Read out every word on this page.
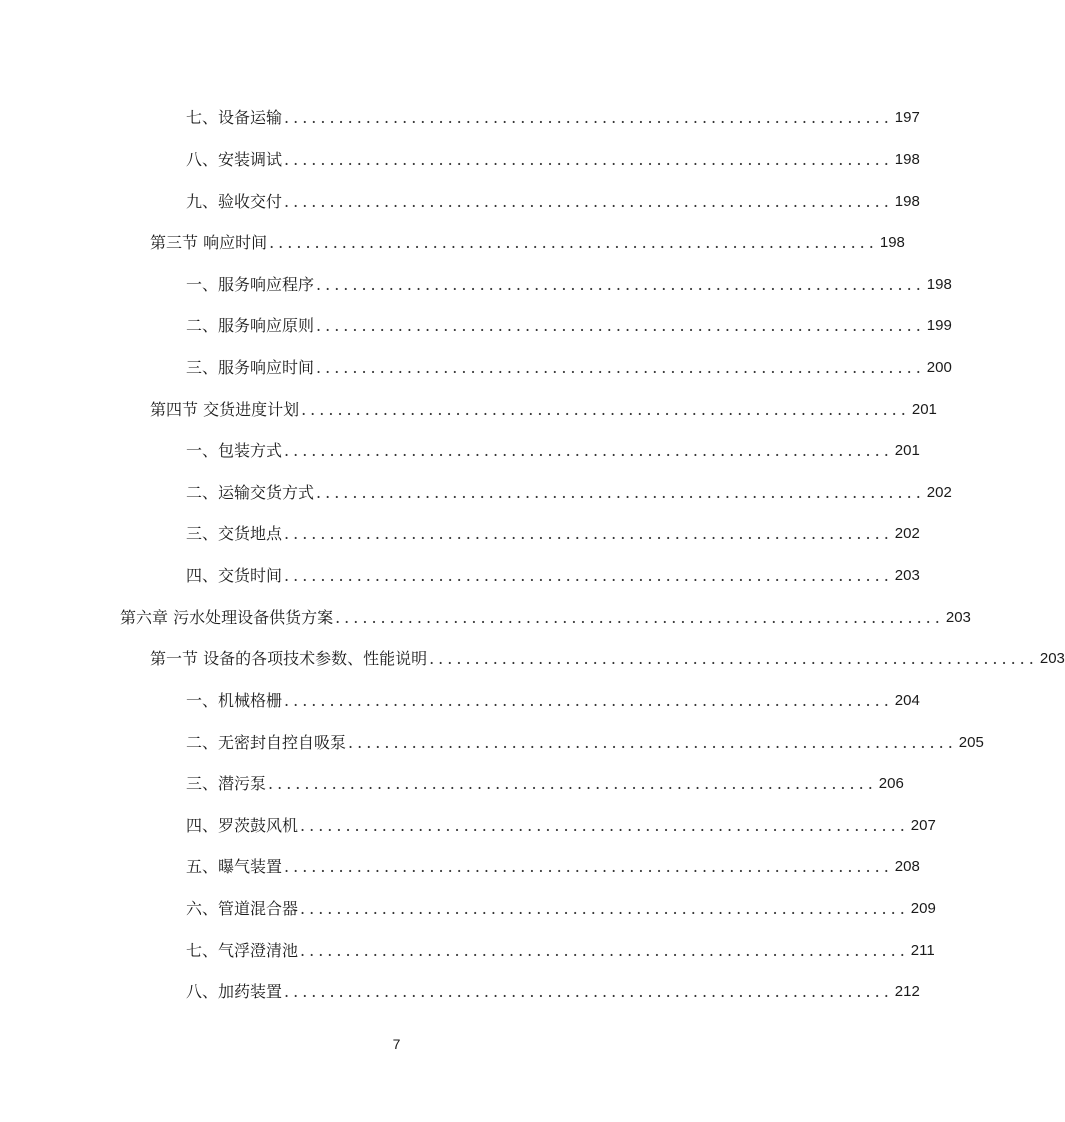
七、设备运输 ................................................................... 197
八、安装调试 ................................................................... 198
九、验收交付 ................................................................... 198
第三节 响应时间 ................................................................... 198
一、服务响应程序 ................................................................... 198
二、服务响应原则 ................................................................... 199
三、服务响应时间 ................................................................... 200
第四节 交货进度计划 ................................................................... 201
一、包装方式 ................................................................... 201
二、运输交货方式 ................................................................... 202
三、交货地点 ................................................................... 202
四、交货时间 ................................................................... 203
第六章 污水处理设备供货方案 ................................................................... 203
第一节 设备的各项技术参数、性能说明 ................................................................... 203
一、机械格栅 ................................................................... 204
二、无密封自控自吸泵 ................................................................... 205
三、潜污泵 ................................................................... 206
四、罗茨鼓风机 ................................................................... 207
五、曝气装置 ................................................................... 208
六、管道混合器 ................................................................... 209
七、气浮澄清池 ................................................................... 211
八、加药装置 ................................................................... 212
7
